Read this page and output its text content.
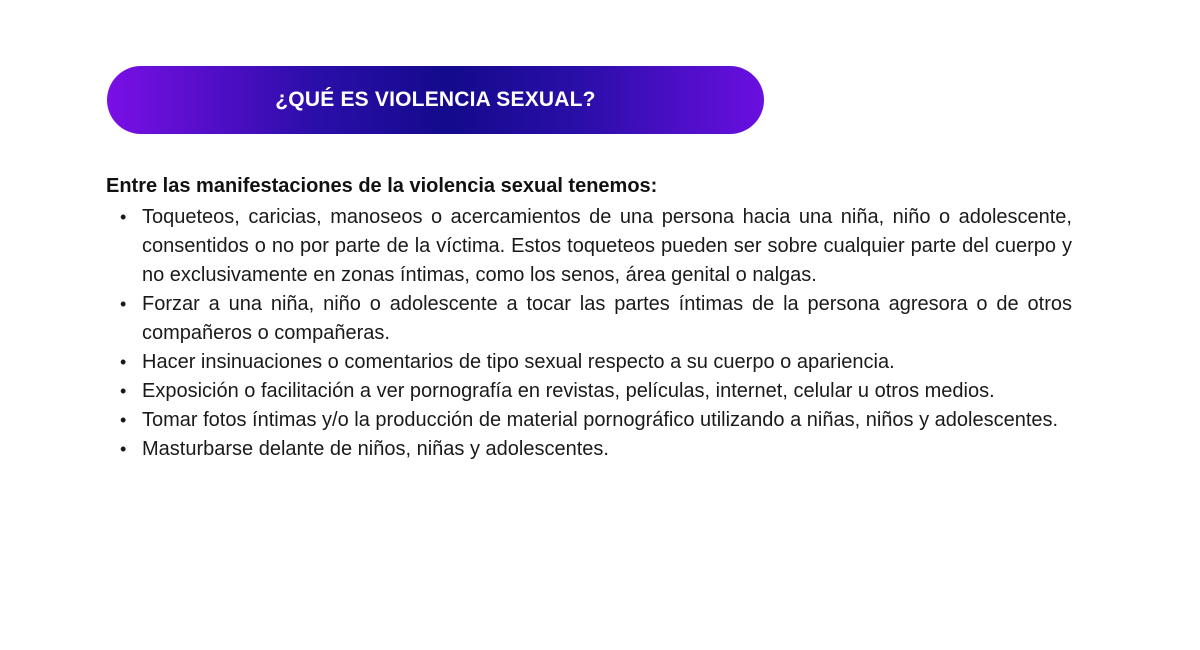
¿QUÉ ES VIOLENCIA SEXUAL?

Entre las manifestaciones de la violencia sexual tenemos:

• Toqueteos, caricias, manoseos o acercamientos de una persona hacia una niña, niño o adolescente, consentidos o no por parte de la víctima. Estos toqueteos pueden ser sobre cualquier parte del cuerpo y no exclusivamente en zonas íntimas, como los senos, área genital o nalgas.
• Forzar a una niña, niño o adolescente a tocar las partes íntimas de la persona agresora o de otros compañeros o compañeras.
• Hacer insinuaciones o comentarios de tipo sexual respecto a su cuerpo o apariencia.
• Exposición o facilitación a ver pornografía en revistas, películas, internet, celular u otros medios.
• Tomar fotos íntimas y/o la producción de material pornográfico utilizando a niñas, niños y adolescentes.
• Masturbarse delante de niños, niñas y adolescentes.
